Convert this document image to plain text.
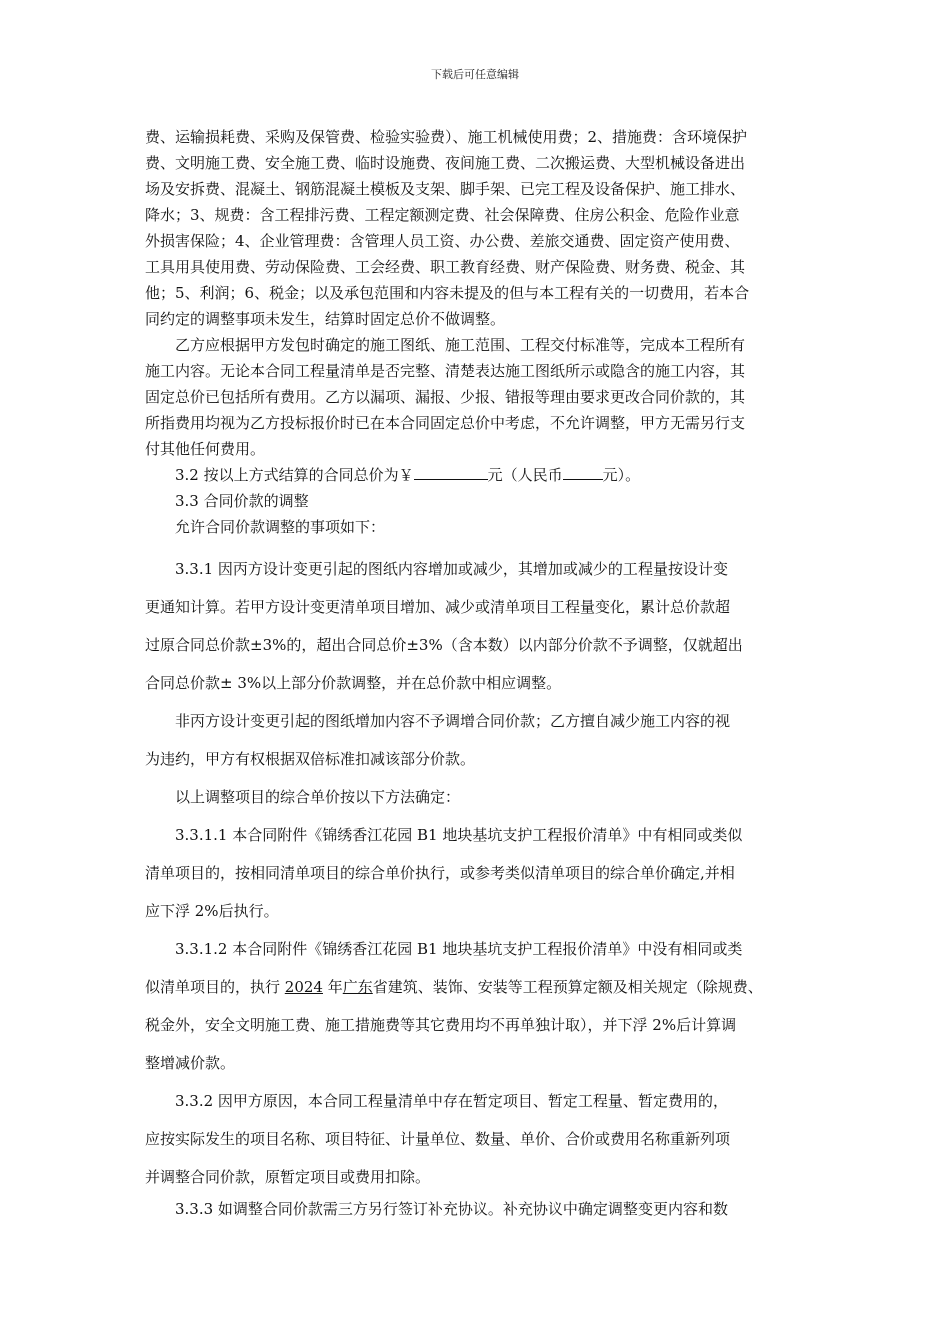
下载后可任意编辑
费、运输损耗费、采购及保管费、检验实验费）、施工机械使用费；2、措施费：含环境保护
费、文明施工费、安全施工费、临时设施费、夜间施工费、二次搬运费、大型机械设备进出
场及安拆费、混凝土、钢筋混凝土模板及支架、脚手架、已完工程及设备保护、施工排水、
降水；3、规费：含工程排污费、工程定额测定费、社会保障费、住房公积金、危险作业意
外损害保险；4、企业管理费：含管理人员工资、办公费、差旅交通费、固定资产使用费、
工具用具使用费、劳动保险费、工会经费、职工教育经费、财产保险费、财务费、税金、其
他；5、利润；6、税金；以及承包范围和内容未提及的但与本工程有关的一切费用，若本合
同约定的调整事项未发生，结算时固定总价不做调整。
乙方应根据甲方发包时确定的施工图纸、施工范围、工程交付标准等，完成本工程所有
施工内容。无论本合同工程量清单是否完整、清楚表达施工图纸所示或隐含的施工内容，其
固定总价已包括所有费用。乙方以漏项、漏报、少报、错报等理由要求更改合同价款的，其
所指费用均视为乙方投标报价时已在本合同固定总价中考虑，不允许调整，甲方无需另行支
付其他任何费用。
3.2 按以上方式结算的合同总价为￥	元（人民币	元）。
3.3 合同价款的调整
允许合同价款调整的事项如下：
3.3.1 因丙方设计变更引起的图纸内容增加或减少，其增加或减少的工程量按设计变
更通知计算。若甲方设计变更清单项目增加、减少或清单项目工程量变化，累计总价款超
过原合同总价款±3%的，超出合同总价±3%（含本数）以内部分价款不予调整，仅就超出
合同总价款± 3%以上部分价款调整，并在总价款中相应调整。
非丙方设计变更引起的图纸增加内容不予调增合同价款；乙方擅自减少施工内容的视
为违约，甲方有权根据双倍标准扣减该部分价款。
以上调整项目的综合单价按以下方法确定：
3.3.1.1 本合同附件《锦绣香江花园 B1 地块基坑支护工程报价清单》中有相同或类似
清单项目的，按相同清单项目的综合单价执行，或参考类似清单项目的综合单价确定,并相
应下浮 2%后执行。
3.3.1.2 本合同附件《锦绣香江花园 B1 地块基坑支护工程报价清单》中没有相同或类
似清单项目的，执行 2024 年广东省建筑、装饰、安装等工程预算定额及相关规定（除规费、
税金外，安全文明施工费、施工措施费等其它费用均不再单独计取），并下浮 2%后计算调
整增减价款。
3.3.2 因甲方原因，本合同工程量清单中存在暂定项目、暂定工程量、暂定费用的，
应按实际发生的项目名称、项目特征、计量单位、数量、单价、合价或费用名称重新列项
并调整合同价款，原暂定项目或费用扣除。
3.3.3 如调整合同价款需三方另行签订补充协议。补充协议中确定调整变更内容和数
